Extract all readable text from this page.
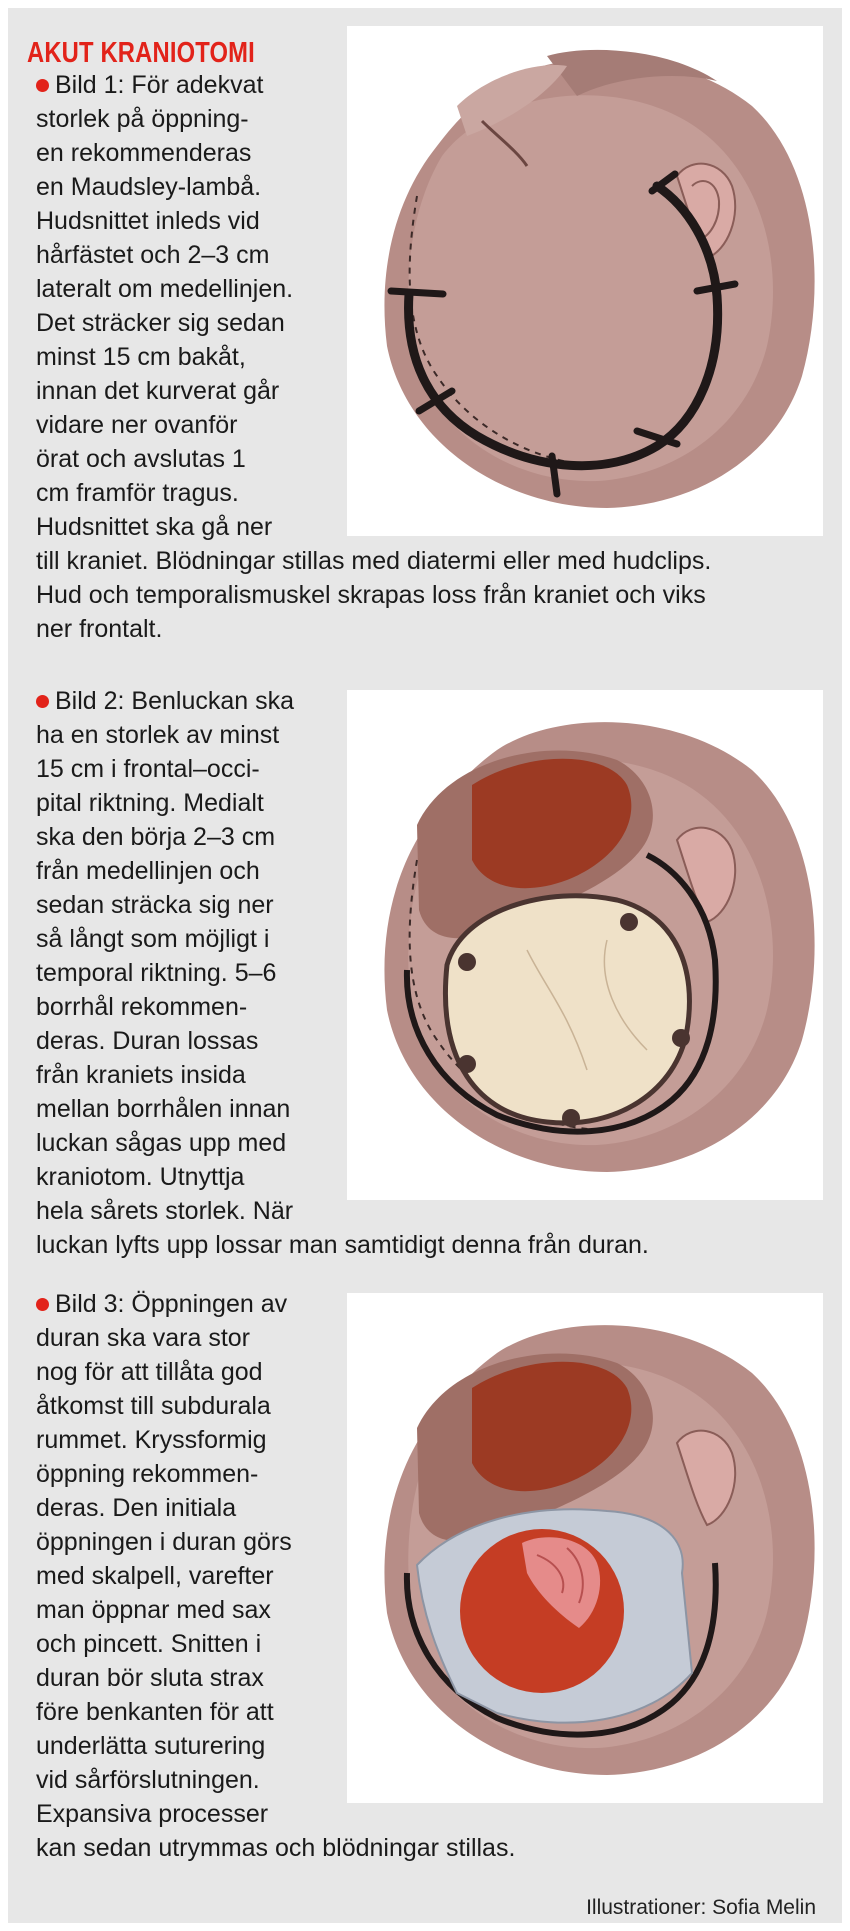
AKUT KRANIOTOMI

Bild 1: För adekvat
storlek på öppning-
en rekommenderas
en Maudsley-lambå.
Hudsnittet inleds vid
hårfästet och 2–3 cm
lateralt om medellinjen.
Det sträcker sig sedan
minst 15 cm bakåt,
innan det kurverat går
vidare ner ovanför
örat och avslutas 1
cm framför tragus.
Hudsnittet ska gå ner
till kraniet. Blödningar stillas med diatermi eller med hudclips.
Hud och temporalismuskel skrapas loss från kraniet och viks
ner frontalt.

Bild 2: Benluckan ska
ha en storlek av minst
15 cm i frontal–occi-
pital riktning. Medialt
ska den börja 2–3 cm
från medellinjen och
sedan sträcka sig ner
så långt som möjligt i
temporal riktning. 5–6
borrhål rekommen-
deras. Duran lossas
från kraniets insida
mellan borrhålen innan
luckan sågas upp med
kraniotom. Utnyttja
hela sårets storlek. När
luckan lyfts upp lossar man samtidigt denna från duran.

Bild 3: Öppningen av
duran ska vara stor
nog för att tillåta god
åtkomst till subdurala
rummet. Kryssformig
öppning rekommen-
deras. Den initiala
öppningen i duran görs
med skalpell, varefter
man öppnar med sax
och pincett. Snitten i
duran bör sluta strax
före benkanten för att
underlätta suturering
vid sårförslutningen.
Expansiva processer
kan sedan utrymmas och blödningar stillas.

Illustrationer: Sofia Melin
